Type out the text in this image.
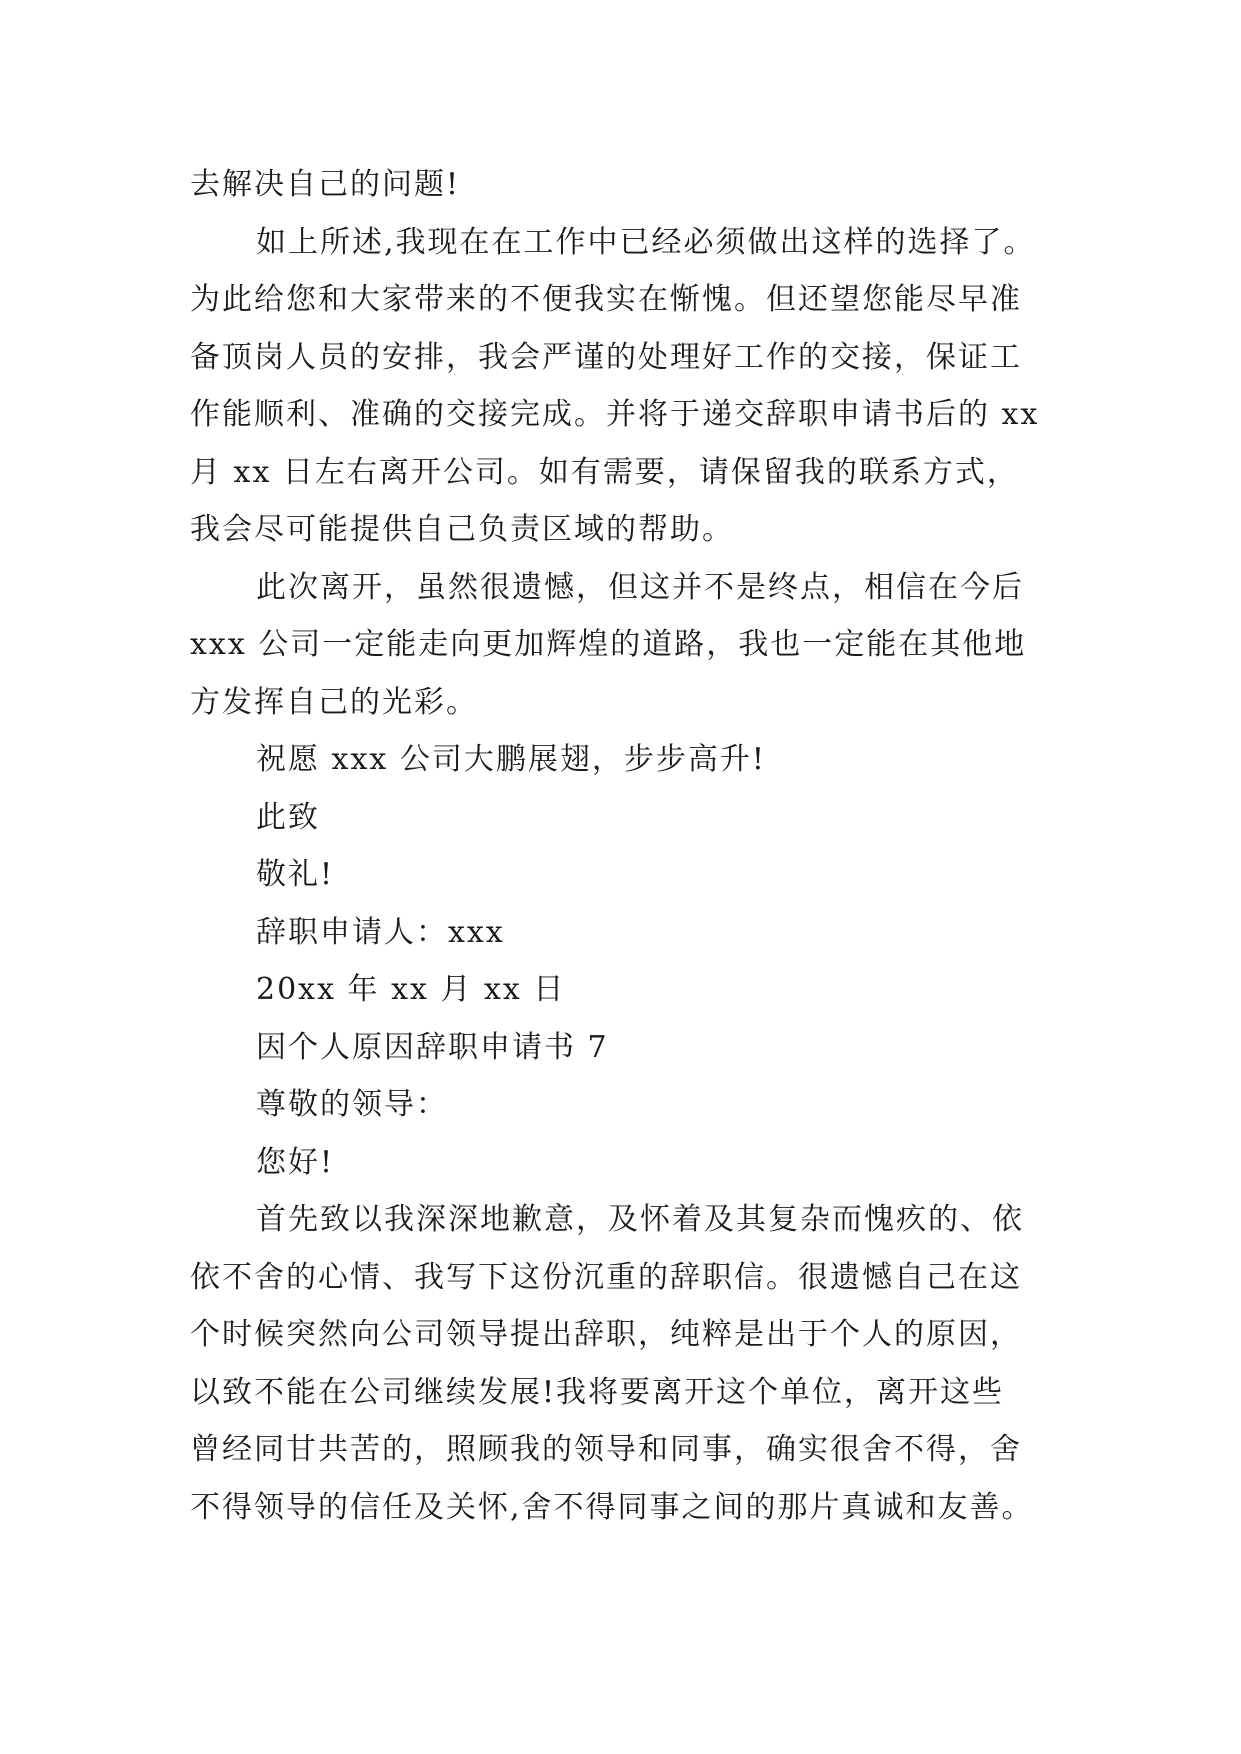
去解决自己的问题!
如上所述,我现在在工作中已经必须做出这样的选择了。
为此给您和大家带来的不便我实在惭愧。但还望您能尽早准
备顶岗人员的安排，我会严谨的处理好工作的交接，保证工
作能顺利、准确的交接完成。并将于递交辞职申请书后的 xx
月 xx 日左右离开公司。如有需要，请保留我的联系方式，
我会尽可能提供自己负责区域的帮助。
此次离开，虽然很遗憾，但这并不是终点，相信在今后
xxx 公司一定能走向更加辉煌的道路，我也一定能在其他地
方发挥自己的光彩。
祝愿 xxx 公司大鹏展翅，步步高升!
此致
敬礼!
辞职申请人：xxx
20xx 年 xx 月 xx 日
因个人原因辞职申请书 7
尊敬的领导：
您好!
首先致以我深深地歉意，及怀着及其复杂而愧疚的、依
依不舍的心情、我写下这份沉重的辞职信。很遗憾自己在这
个时候突然向公司领导提出辞职，纯粹是出于个人的原因，
以致不能在公司继续发展!我将要离开这个单位，离开这些
曾经同甘共苦的，照顾我的领导和同事，确实很舍不得，舍
不得领导的信任及关怀,舍不得同事之间的那片真诚和友善。
